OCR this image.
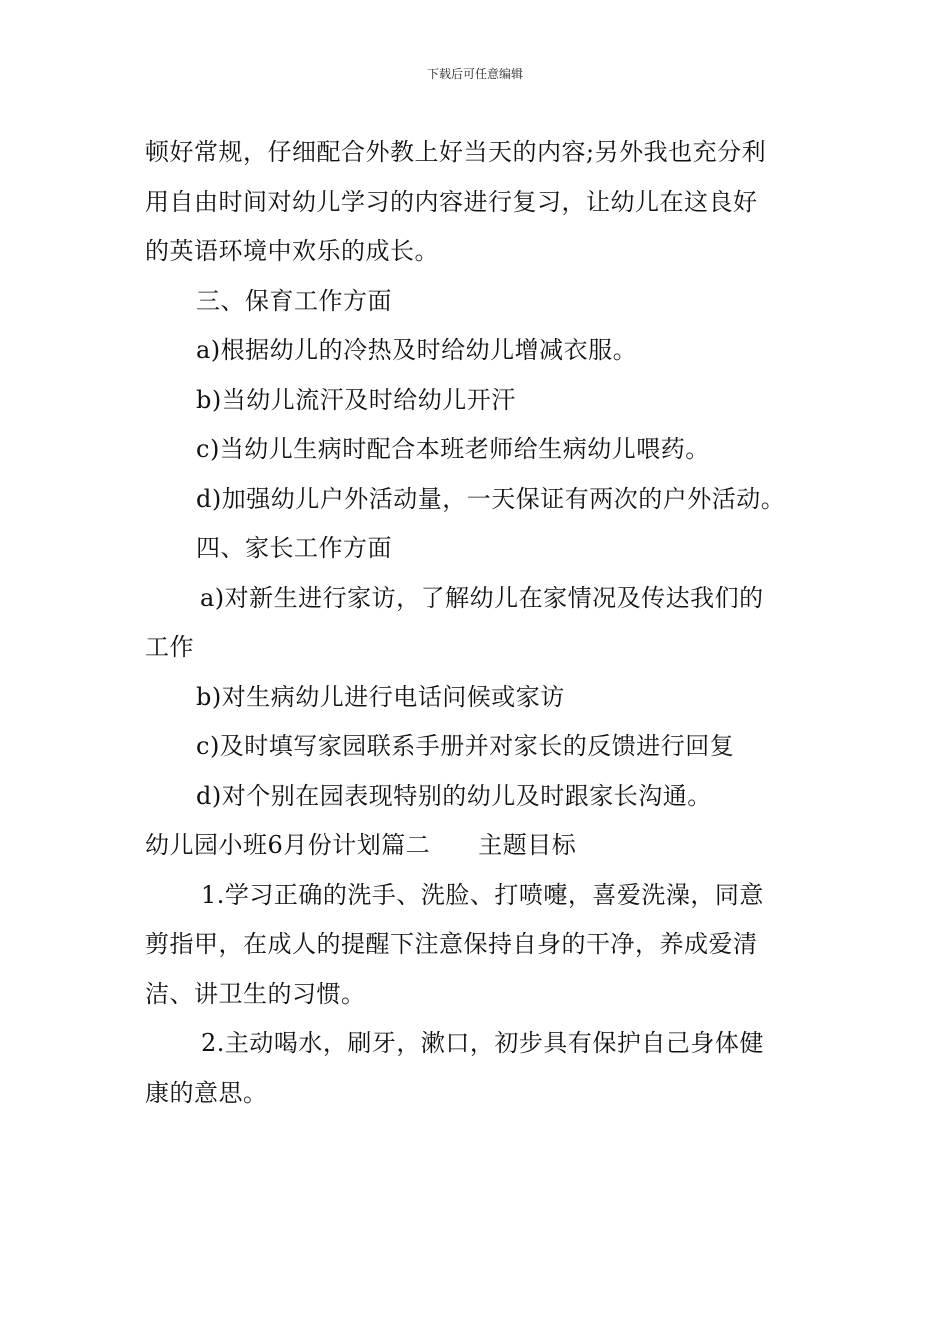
下载后可任意编辑
顿好常规，仔细配合外教上好当天的内容;另外我也充分利
用自由时间对幼儿学习的内容进行复习，让幼儿在这良好
的英语环境中欢乐的成长。
三、保育工作方面
a)根据幼儿的冷热及时给幼儿增减衣服。
b)当幼儿流汗及时给幼儿开汗
c)当幼儿生病时配合本班老师给生病幼儿喂药。
d)加强幼儿户外活动量，一天保证有两次的户外活动。
四、家长工作方面
a)对新生进行家访，了解幼儿在家情况及传达我们的
工作
b)对生病幼儿进行电话问候或家访
c)及时填写家园联系手册并对家长的反馈进行回复
d)对个别在园表现特别的幼儿及时跟家长沟通。
幼儿园小班6月份计划篇二 主题目标
1.学习正确的洗手、洗脸、打喷嚏，喜爱洗澡，同意
剪指甲，在成人的提醒下注意保持自身的干净，养成爱清
洁、讲卫生的习惯。
2.主动喝水，刷牙，漱口，初步具有保护自己身体健
康的意思。
